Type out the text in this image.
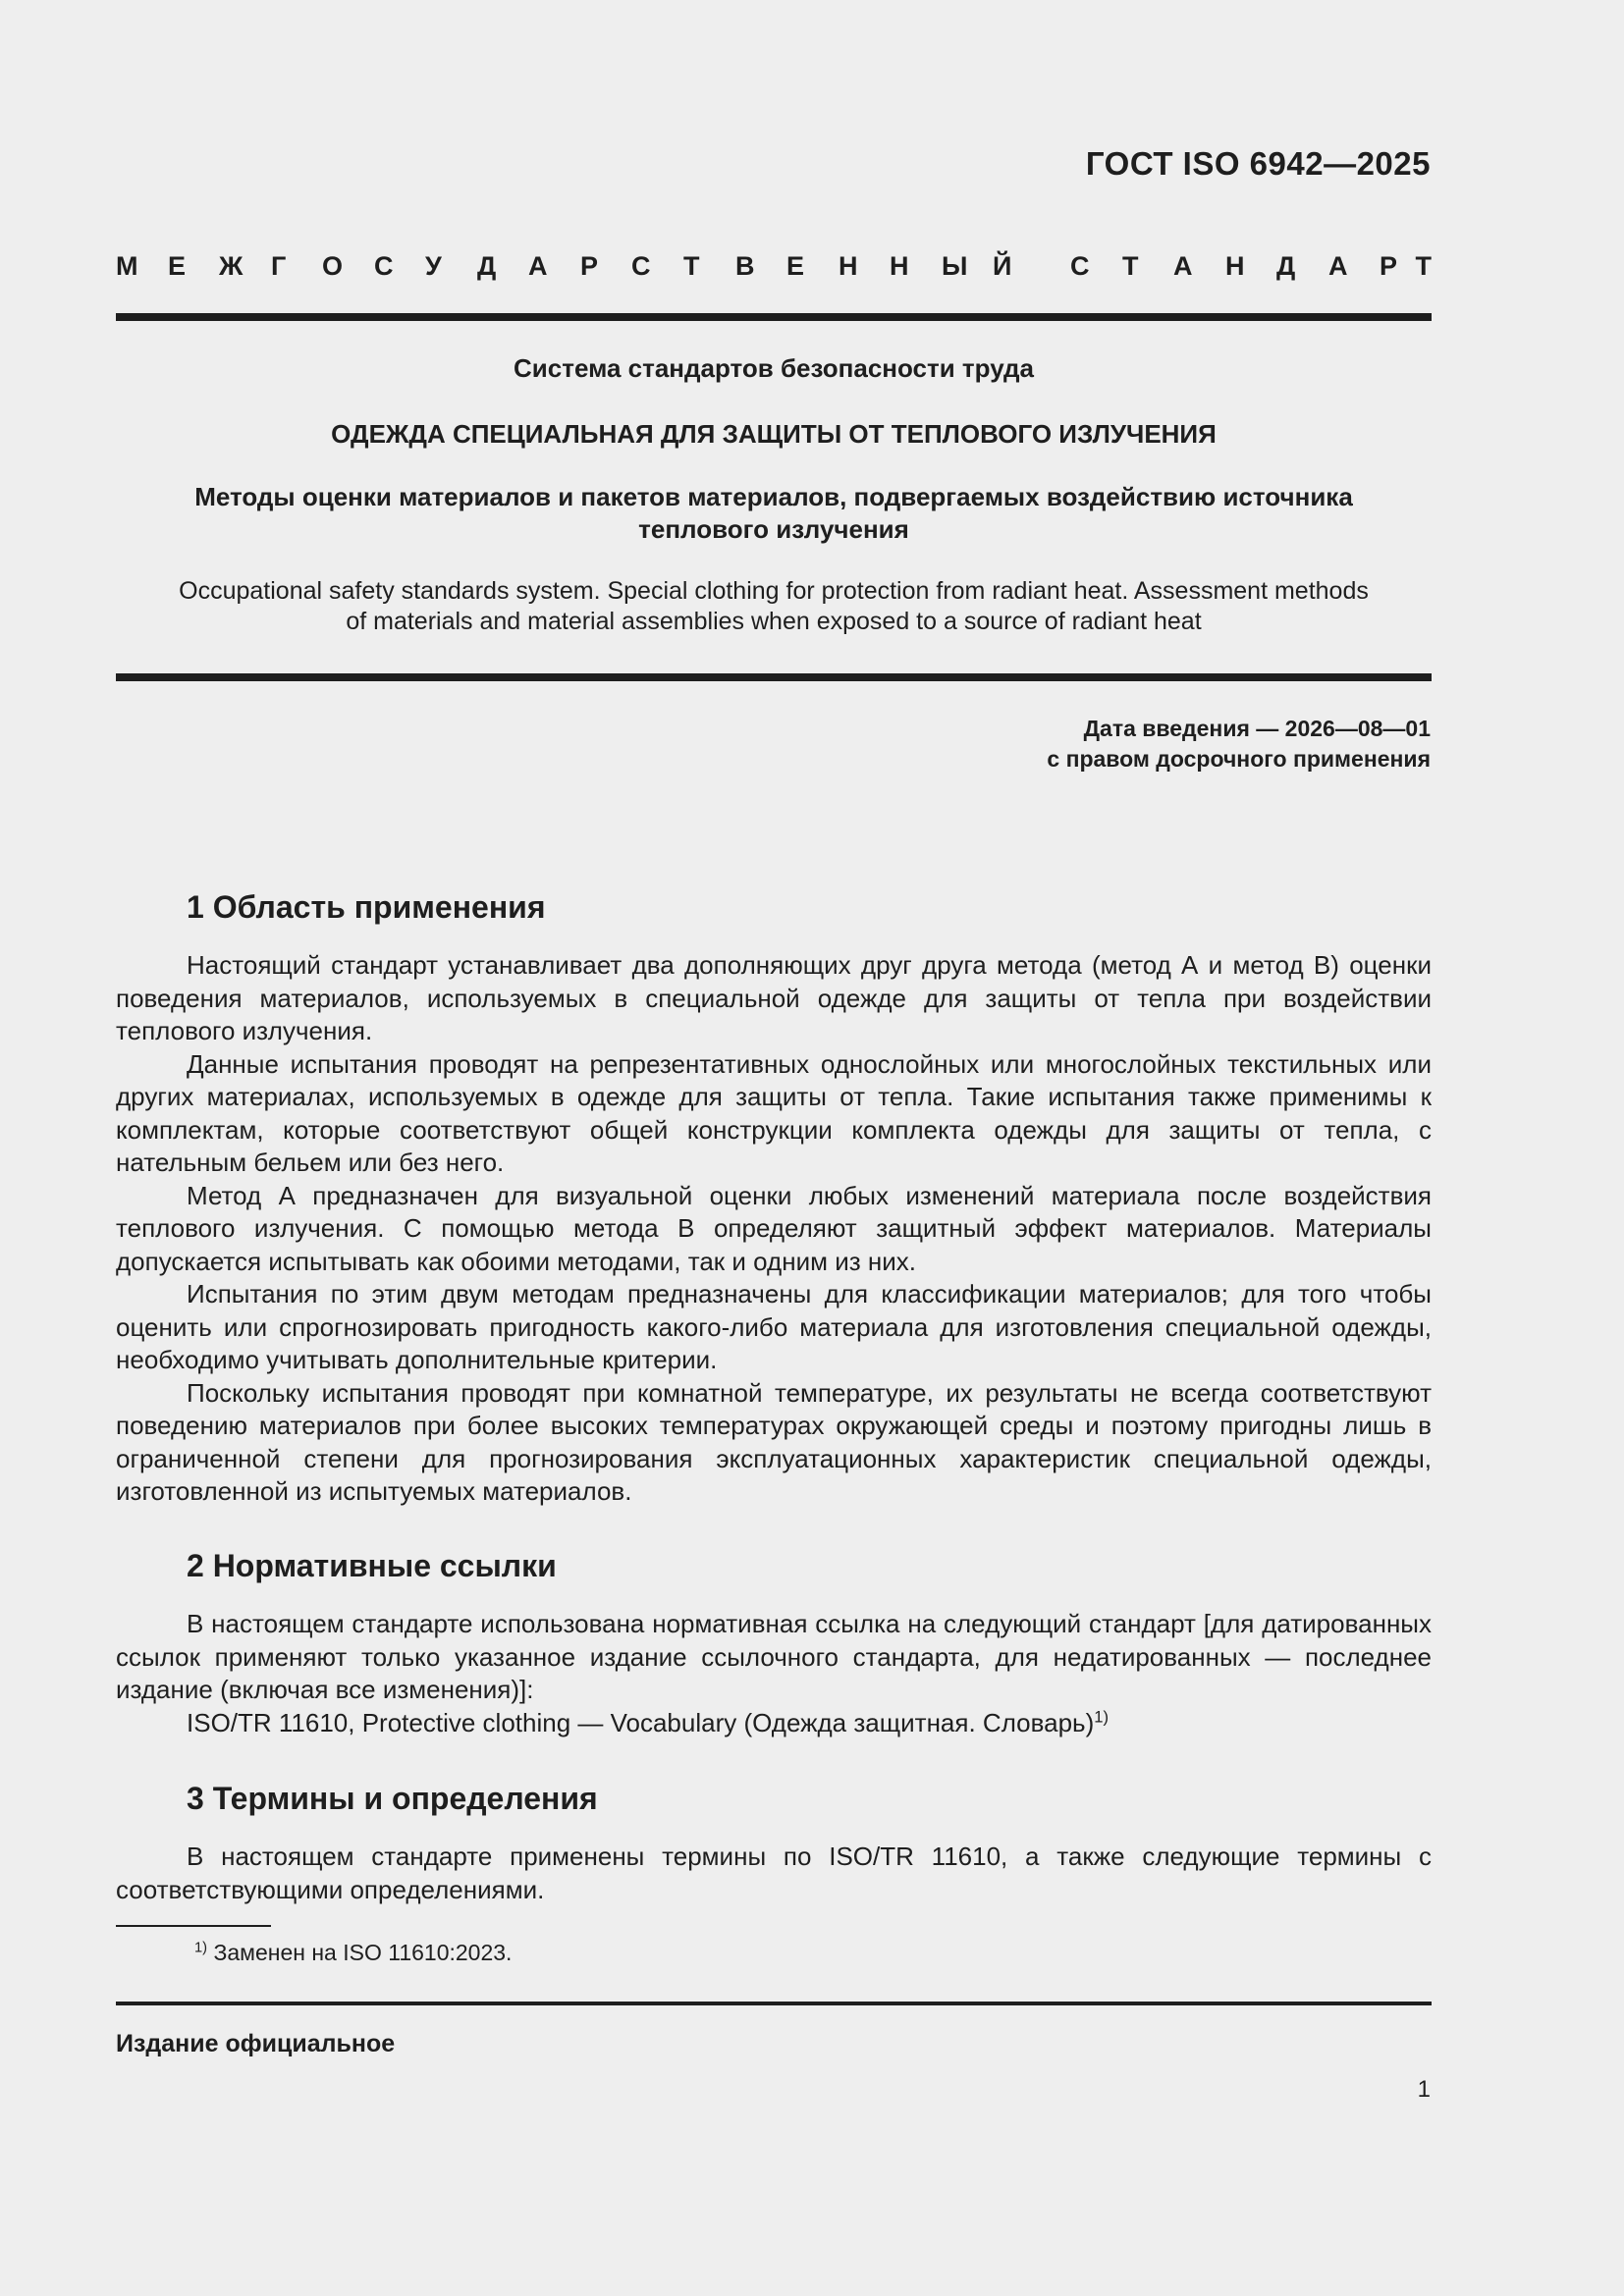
ГОСТ ISO 6942—2025
М Е Ж Г О С У Д А Р С Т В Е Н Н Ы Й С Т А Н Д А Р Т
Система стандартов безопасности труда
ОДЕЖДА СПЕЦИАЛЬНАЯ ДЛЯ ЗАЩИТЫ ОТ ТЕПЛОВОГО ИЗЛУЧЕНИЯ
Методы оценки материалов и пакетов материалов, подвергаемых воздействию источника
теплового излучения
Occupational safety standards system. Special clothing for protection from radiant heat. Assessment methods
of materials and material assemblies when exposed to a source of radiant heat
Дата введения — 2026—08—01
с правом досрочного применения
1 Область применения

Настоящий стандарт устанавливает два дополняющих друг друга метода (метод А и метод В) оценки поведения материалов, используемых в специальной одежде для защиты от тепла при воздействии теплового излучения.

Данные испытания проводят на репрезентативных однослойных или многослойных текстильных или других материалах, используемых в одежде для защиты от тепла. Такие испытания также применимы к комплектам, которые соответствуют общей конструкции комплекта одежды для защиты от тепла, с нательным бельем или без него.

Метод А предназначен для визуальной оценки любых изменений материала после воздействия теплового излучения. С помощью метода В определяют защитный эффект материалов. Материалы допускается испытывать как обоими методами, так и одним из них.

Испытания по этим двум методам предназначены для классификации материалов; для того чтобы оценить или спрогнозировать пригодность какого-либо материала для изготовления специальной одежды, необходимо учитывать дополнительные критерии.

Поскольку испытания проводят при комнатной температуре, их результаты не всегда соответствуют поведению материалов при более высоких температурах окружающей среды и поэтому пригодны лишь в ограниченной степени для прогнозирования эксплуатационных характеристик специальной одежды, изготовленной из испытуемых материалов.

2 Нормативные ссылки

В настоящем стандарте использована нормативная ссылка на следующий стандарт [для датированных ссылок применяют только указанное издание ссылочного стандарта, для недатированных — последнее издание (включая все изменения)]:

ISO/TR 11610, Protective clothing — Vocabulary (Одежда защитная. Словарь)$^{1)}$

3 Термины и определения

В настоящем стандарте применены термины по ISO/TR 11610, а также следующие термины с соответствующими определениями.

$^{1)}$ Заменен на ISO 11610:2023.
Издание официальное
1
